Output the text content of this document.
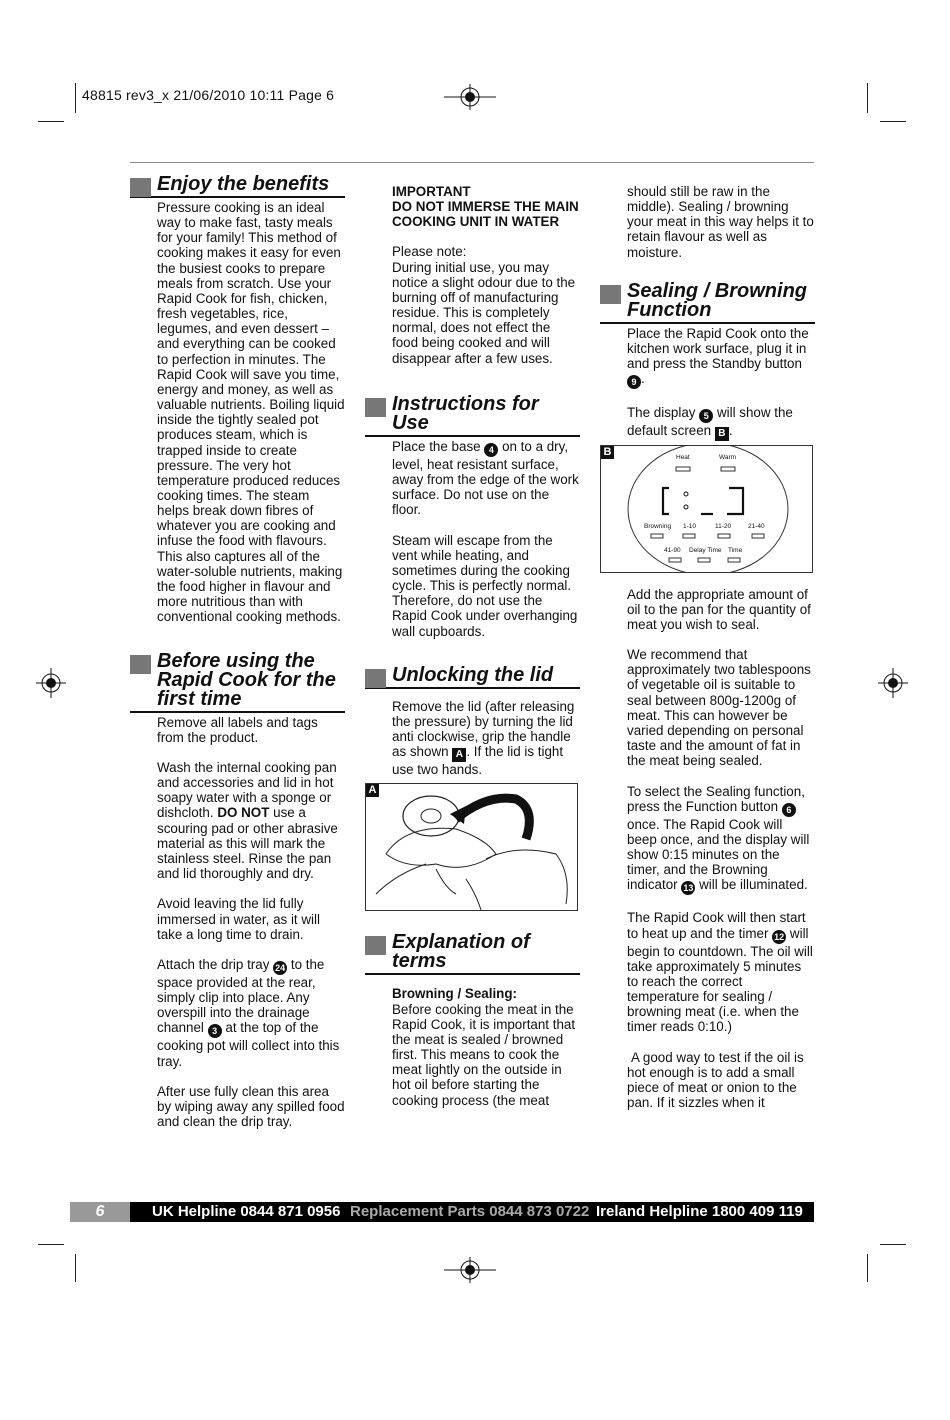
48815 rev3_x 21/06/2010 10:11 Page 6
Enjoy the benefits

Pressure cooking is an ideal way to make fast, tasty meals for your family! This method of cooking makes it easy for even the busiest cooks to prepare meals from scratch. Use your Rapid Cook for fish, chicken, fresh vegetables, rice, legumes, and even dessert – and everything can be cooked to perfection in minutes. The Rapid Cook will save you time, energy and money, as well as valuable nutrients. Boiling liquid inside the tightly sealed pot produces steam, which is trapped inside to create pressure. The very hot temperature produced reduces cooking times. The steam helps break down fibres of whatever you are cooking and infuse the food with flavours. This also captures all of the water-soluble nutrients, making the food higher in flavour and more nutritious than with conventional cooking methods.

Before using the Rapid Cook for the first time

Remove all labels and tags from the product.

Wash the internal cooking pan and accessories and lid in hot soapy water with a sponge or dishcloth. DO NOT use a scouring pad or other abrasive material as this will mark the stainless steel. Rinse the pan and lid thoroughly and dry.

Avoid leaving the lid fully immersed in water, as it will take a long time to drain.

Attach the drip tray 24 to the space provided at the rear, simply clip into place. Any overspill into the drainage channel 3 at the top of the cooking pot will collect into this tray.

After use fully clean this area by wiping away any spilled food and clean the drip tray.

IMPORTANT
DO NOT IMMERSE THE MAIN COOKING UNIT IN WATER

Please note:

During initial use, you may notice a slight odour due to the burning off of manufacturing residue. This is completely normal, does not effect the food being cooked and will disappear after a few uses.

Instructions for Use

Place the base 4 on to a dry, level, heat resistant surface, away from the edge of the work surface. Do not use on the floor.

Steam will escape from the vent while heating, and sometimes during the cooking cycle. This is perfectly normal. Therefore, do not use the Rapid Cook under overhanging wall cupboards.

Unlocking the lid

Remove the lid (after releasing the pressure) by turning the lid anti clockwise, grip the handle as shown A . If the lid is tight use two hands.

A
Explanation of terms

Browning / Sealing:
Before cooking the meat in the Rapid Cook, it is important that the meat is sealed / browned first. This means to cook the meat lightly on the outside in hot oil before starting the cooking process (the meat

should still be raw in the middle). Sealing / browning your meat in this way helps it to retain flavour as well as moisture.

Sealing / Browning Function

Place the Rapid Cook onto the kitchen work surface, plug it in and press the Standby button 9 .

The display 5 will show the default screen B .

B	Heat	Warm
Browning 1-10	11-20	21-40
41-90 Delay Time Time

Add the appropriate amount of oil to the pan for the quantity of meat you wish to seal.

We recommend that approximately two tablespoons of vegetable oil is suitable to seal between 800g-1200g of meat. This can however be varied depending on personal taste and the amount of fat in the meat being sealed.

To select the Sealing function, press the Function button 6 once. The Rapid Cook will beep once, and the display will show 0:15 minutes on the timer, and the Browning indicator 13 will be illuminated.

The Rapid Cook will then start to heat up and the timer 12 will begin to countdown. The oil will take approximately 5 minutes to reach the correct temperature for sealing / browning meat (i.e. when the timer reads 0:10.)

A good way to test if the oil is hot enough is to add a small piece of meat or onion to the pan. If it sizzles when it

6	UK Helpline 0844 871 0956 Replacement Parts 0844 873 0722 Ireland Helpline 1800 409 119
